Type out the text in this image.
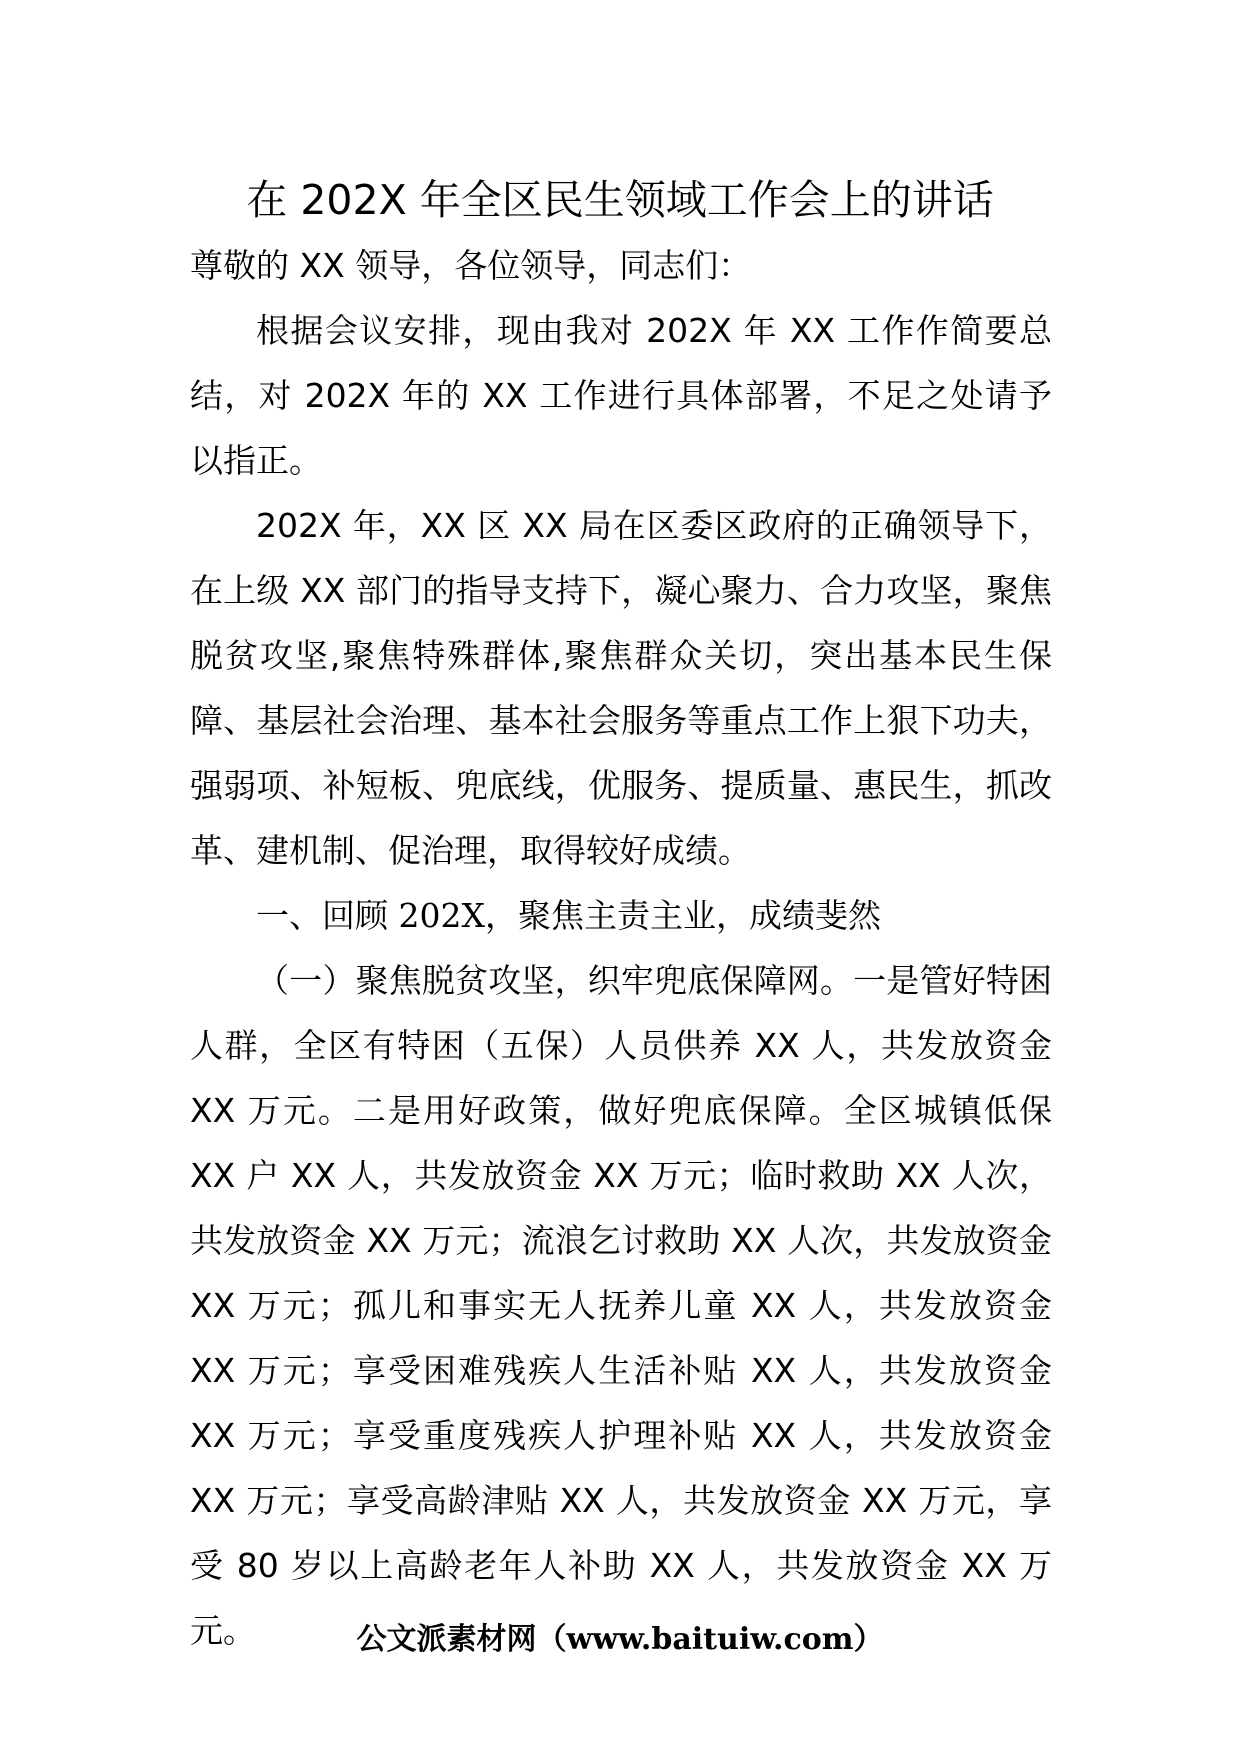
在 202X 年全区民生领域工作会上的讲话

尊敬的 XX 领导，各位领导，同志们：

根据会议安排，现由我对 202X 年 XX 工作作简要总结，对 202X 年的 XX 工作进行具体部署，不足之处请予以指正。

202X 年，XX 区 XX 局在区委区政府的正确领导下，在上级 XX 部门的指导支持下，凝心聚力、合力攻坚，聚焦脱贫攻坚,聚焦特殊群体,聚焦群众关切，突出基本民生保障、基层社会治理、基本社会服务等重点工作上狠下功夫，强弱项、补短板、兜底线，优服务、提质量、惠民生，抓改革、建机制、促治理，取得较好成绩。

一、回顾 202X，聚焦主责主业，成绩斐然

（一）聚焦脱贫攻坚，织牢兜底保障网。一是管好特困人群，全区有特困（五保）人员供养 XX 人，共发放资金 XX 万元。二是用好政策，做好兜底保障。全区城镇低保 XX 户 XX 人，共发放资金 XX 万元；临时救助 XX 人次，共发放资金 XX 万元；流浪乞讨救助 XX 人次，共发放资金 XX 万元；孤儿和事实无人抚养儿童 XX 人，共发放资金 XX 万元；享受困难残疾人生活补贴 XX 人，共发放资金 XX 万元；享受重度残疾人护理补贴 XX 人，共发放资金 XX 万元；享受高龄津贴 XX 人，共发放资金 XX 万元，享受 80 岁以上高龄老年人补助 XX 人，共发放资金 XX 万元。	公文派素材网（www.baituiw.com）
